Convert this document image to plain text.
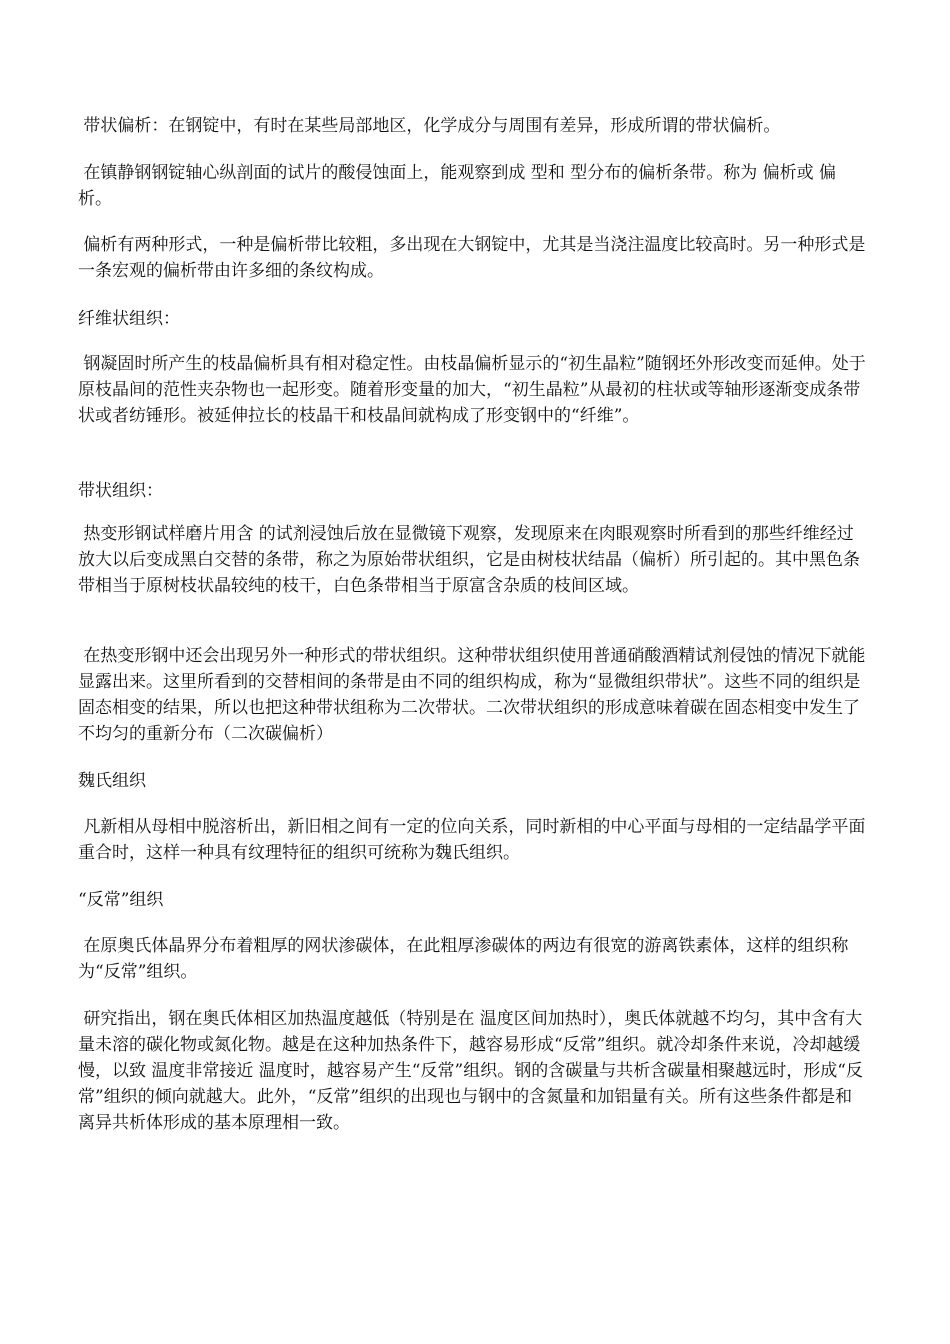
带状偏析：在钢锭中，有时在某些局部地区，化学成分与周围有差异，形成所谓的带状偏析。

在镇静钢钢锭轴心纵剖面的试片的酸侵蚀面上，能观察到成 型和 型分布的偏析条带。称为 偏析或 偏析。

偏析有两种形式，一种是偏析带比较粗，多出现在大钢锭中，尤其是当浇注温度比较高时。另一种形式是一条宏观的偏析带由许多细的条纹构成。

纤维状组织：

钢凝固时所产生的枝晶偏析具有相对稳定性。由枝晶偏析显示的“初生晶粒”随钢坯外形改变而延伸。处于原枝晶间的范性夹杂物也一起形变。随着形变量的加大，“初生晶粒”从最初的柱状或等轴形逐渐变成条带状或者纺锤形。被延伸拉长的枝晶干和枝晶间就构成了形变钢中的“纤维”。

带状组织：

热变形钢试样磨片用含 的试剂浸蚀后放在显微镜下观察，发现原来在肉眼观察时所看到的那些纤维经过放大以后变成黑白交替的条带，称之为原始带状组织，它是由树枝状结晶（偏析）所引起的。其中黑色条带相当于原树枝状晶较纯的枝干，白色条带相当于原富含杂质的枝间区域。

在热变形钢中还会出现另外一种形式的带状组织。这种带状组织使用普通硝酸酒精试剂侵蚀的情况下就能显露出来。这里所看到的交替相间的条带是由不同的组织构成，称为“显微组织带状”。这些不同的组织是固态相变的结果，所以也把这种带状组称为二次带状。二次带状组织的形成意味着碳在固态相变中发生了不均匀的重新分布（二次碳偏析）

魏氏组织

凡新相从母相中脱溶析出，新旧相之间有一定的位向关系，同时新相的中心平面与母相的一定结晶学平面重合时，这样一种具有纹理特征的组织可统称为魏氏组织。

“反常”组织

在原奥氏体晶界分布着粗厚的网状渗碳体，在此粗厚渗碳体的两边有很宽的游离铁素体，这样的组织称为“反常”组织。

研究指出，钢在奥氏体相区加热温度越低（特别是在 温度区间加热时），奥氏体就越不均匀，其中含有大量未溶的碳化物或氮化物。越是在这种加热条件下，越容易形成“反常”组织。就冷却条件来说，冷却越缓慢，以致 温度非常接近 温度时，越容易产生“反常”组织。钢的含碳量与共析含碳量相聚越远时，形成“反常”组织的倾向就越大。此外，“反常”组织的出现也与钢中的含氮量和加铝量有关。所有这些条件都是和离异共析体形成的基本原理相一致。
